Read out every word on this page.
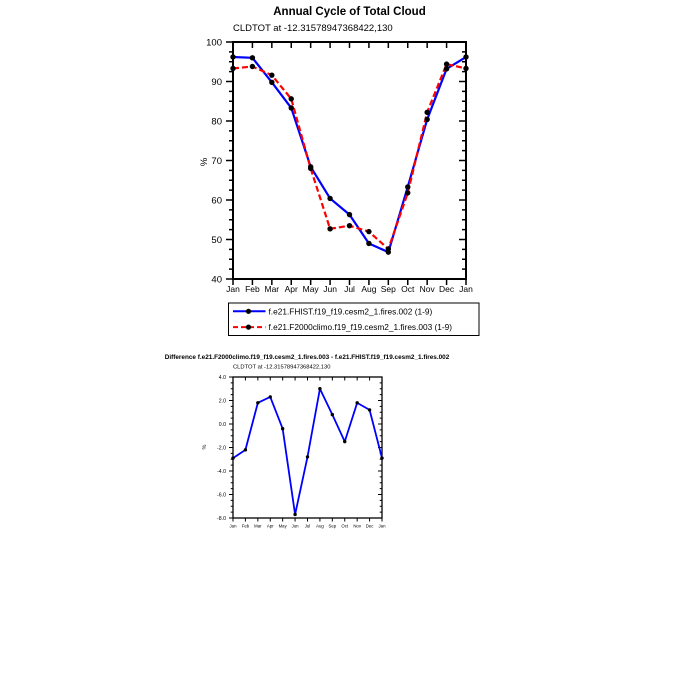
Annual Cycle of Total Cloud
CLDTOT at -12.31578947368422,130
%
100
90
80
70
60
50
40
Jan Feb Mar Apr May Jun Jul Aug Sep Oct Nov Dec Jan
f.e21.FHIST.f19_f19.cesm2_1.fires.002 (1-9)
f.e21.F2000climo.f19_f19.cesm2_1.fires.003 (1-9)
Difference f.e21.F2000climo.f19_f19.cesm2_1.fires.003 - f.e21.FHIST.f19_f19.cesm2_1.fires.002
CLDTOT at -12.31578947368422,130
%
4.0
2.0
0.0
-2.0
-4.0
-6.0
-8.0
Jan Feb Mar Apr May Jun Jul Aug Sep Oct Nov Dec Jan
